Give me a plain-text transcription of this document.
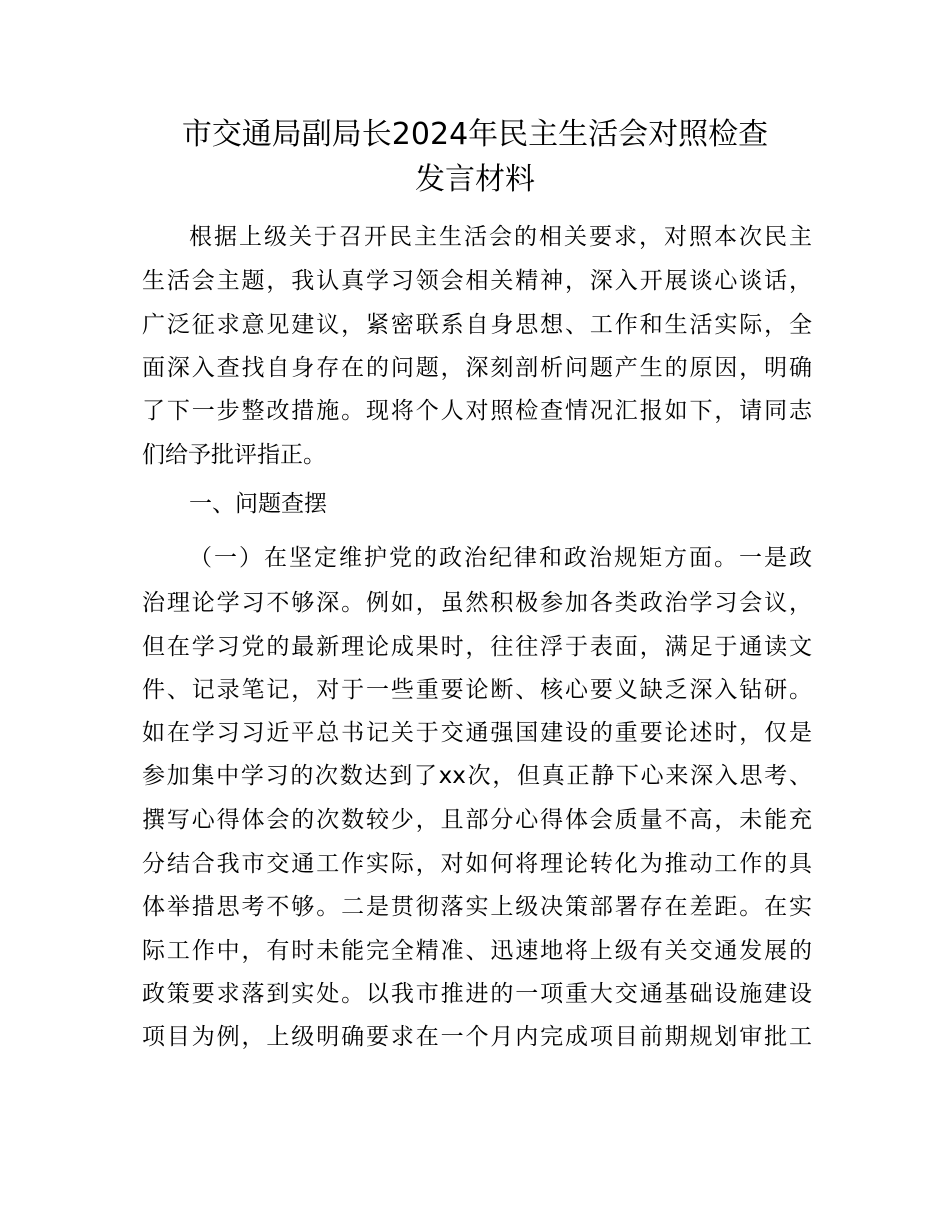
市交通局副局长2024年民主生活会对照检查
发言材料
根据上级关于召开民主生活会的相关要求，对照本次民主
生活会主题，我认真学习领会相关精神，深入开展谈心谈话，
广泛征求意见建议，紧密联系自身思想、工作和生活实际，全
面深入查找自身存在的问题，深刻剖析问题产生的原因，明确
了下一步整改措施。现将个人对照检查情况汇报如下，请同志
们给予批评指正。
一、问题查摆
（一）在坚定维护党的政治纪律和政治规矩方面。一是政
治理论学习不够深。例如，虽然积极参加各类政治学习会议，
但在学习党的最新理论成果时，往往浮于表面，满足于通读文
件、记录笔记，对于一些重要论断、核心要义缺乏深入钻研。
如在学习习近平总书记关于交通强国建设的重要论述时，仅是
参加集中学习的次数达到了xx次，但真正静下心来深入思考、
撰写心得体会的次数较少，且部分心得体会质量不高，未能充
分结合我市交通工作实际，对如何将理论转化为推动工作的具
体举措思考不够。二是贯彻落实上级决策部署存在差距。在实
际工作中，有时未能完全精准、迅速地将上级有关交通发展的
政策要求落到实处。以我市推进的一项重大交通基础设施建设
项目为例，上级明确要求在一个月内完成项目前期规划审批工
